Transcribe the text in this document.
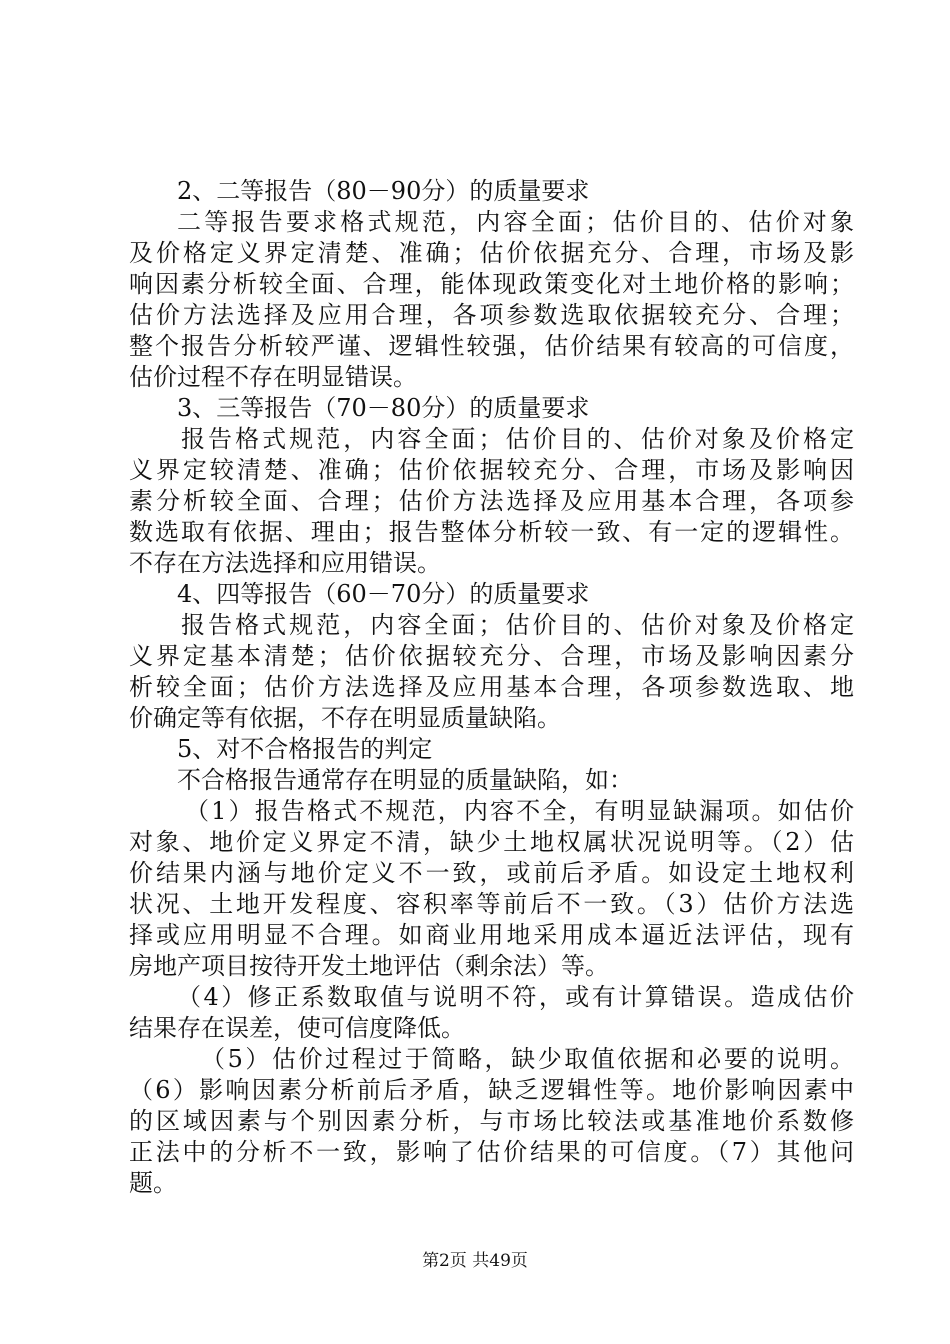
2、二等报告（80－90分）的质量要求
二等报告要求格式规范，内容全面；估价目的、估价对象
及价格定义界定清楚、准确；估价依据充分、合理，市场及影
响因素分析较全面、合理，能体现政策变化对土地价格的影响；
估价方法选择及应用合理，各项参数选取依据较充分、合理；
整个报告分析较严谨、逻辑性较强，估价结果有较高的可信度，
估价过程不存在明显错误。
3、三等报告（70－80分）的质量要求
报告格式规范，内容全面；估价目的、估价对象及价格定
义界定较清楚、准确；估价依据较充分、合理，市场及影响因
素分析较全面、合理；估价方法选择及应用基本合理，各项参
数选取有依据、理由；报告整体分析较一致、有一定的逻辑性。
不存在方法选择和应用错误。
4、四等报告（60－70分）的质量要求
报告格式规范，内容全面；估价目的、估价对象及价格定
义界定基本清楚；估价依据较充分、合理，市场及影响因素分
析较全面；估价方法选择及应用基本合理，各项参数选取、地
价确定等有依据，不存在明显质量缺陷。
5、对不合格报告的判定
不合格报告通常存在明显的质量缺陷，如：
（1）报告格式不规范，内容不全，有明显缺漏项。如估价
对象、地价定义界定不清，缺少土地权属状况说明等。（2）估
价结果内涵与地价定义不一致，或前后矛盾。如设定土地权利
状况、土地开发程度、容积率等前后不一致。（3）估价方法选
择或应用明显不合理。如商业用地采用成本逼近法评估，现有
房地产项目按待开发土地评估（剩余法）等。
（4）修正系数取值与说明不符，或有计算错误。造成估价
结果存在误差，使可信度降低。
（5）估价过程过于简略，缺少取值依据和必要的说明。
（6）影响因素分析前后矛盾，缺乏逻辑性等。地价影响因素中
的区域因素与个别因素分析，与市场比较法或基准地价系数修
正法中的分析不一致，影响了估价结果的可信度。（7）其他问
题。
第2页 共49页
